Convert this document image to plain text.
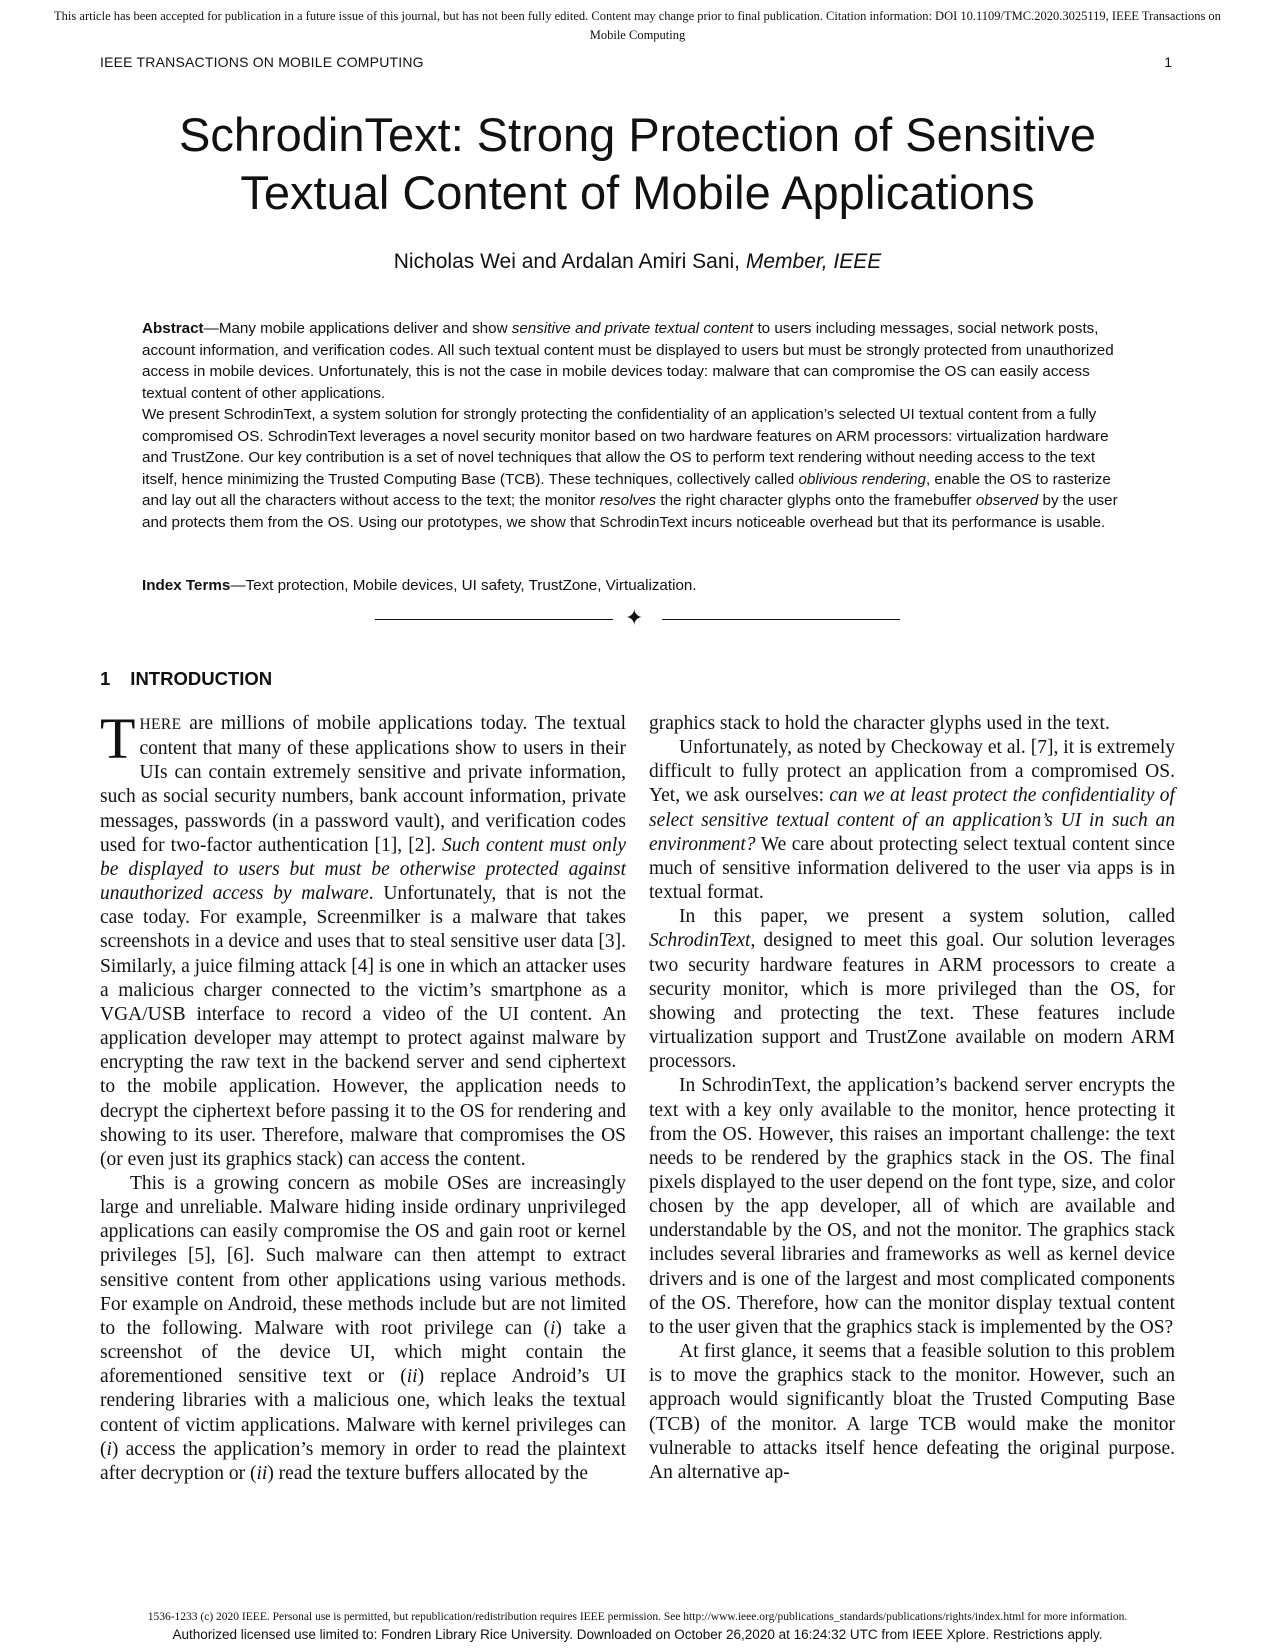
This article has been accepted for publication in a future issue of this journal, but has not been fully edited. Content may change prior to final publication. Citation information: DOI 10.1109/TMC.2020.3025119, IEEE Transactions on Mobile Computing
IEEE TRANSACTIONS ON MOBILE COMPUTING	1
SchrodinText: Strong Protection of Sensitive
Textual Content of Mobile Applications
Nicholas Wei and Ardalan Amiri Sani, Member, IEEE

Abstract—Many mobile applications deliver and show sensitive and private textual content to users including messages, social network posts, account information, and verification codes. All such textual content must be displayed to users but must be strongly protected from unauthorized access in mobile devices. Unfortunately, this is not the case in mobile devices today: malware that can compromise the OS can easily access textual content of other applications.

We present SchrodinText, a system solution for strongly protecting the confidentiality of an application’s selected UI textual content from a fully compromised OS. SchrodinText leverages a novel security monitor based on two hardware features on ARM processors: virtualization hardware and TrustZone. Our key contribution is a set of novel techniques that allow the OS to perform text rendering without needing access to the text itself, hence minimizing the Trusted Computing Base (TCB). These techniques, collectively called oblivious rendering, enable the OS to rasterize and lay out all the characters without access to the text; the monitor resolves the right character glyphs onto the framebuffer observed by the user and protects them from the OS. Using our prototypes, we show that SchrodinText incurs noticeable overhead but that its performance is usable.

Index Terms—Text protection, Mobile devices, UI safety, TrustZone, Virtualization.
✦
1 INTRODUCTION

THERE are millions of mobile applications today. The textual content that many of these applications show to users in their UIs can contain extremely sensitive and private information, such as social security numbers, bank account information, private messages, passwords (in a password vault), and verification codes used for two-factor authentication [1], [2]. Such content must only be displayed to users but must be otherwise protected against unauthorized access by malware. Unfortunately, that is not the case today. For example, Screenmilker is a malware that takes screenshots in a device and uses that to steal sensitive user data [3]. Similarly, a juice filming attack [4] is one in which an attacker uses a malicious charger connected to the victim’s smartphone as a VGA/USB interface to record a video of the UI content. An application developer may attempt to protect against malware by encrypting the raw text in the backend server and send ciphertext to the mobile application. However, the application needs to decrypt the ciphertext before passing it to the OS for rendering and showing to its user. Therefore, malware that compromises the OS (or even just its graphics stack) can access the content.

This is a growing concern as mobile OSes are increasingly large and unreliable. Malware hiding inside ordinary unprivileged applications can easily compromise the OS and gain root or kernel privileges [5], [6]. Such malware can then attempt to extract sensitive content from other applications using various methods. For example on Android, these methods include but are not limited to the following. Malware with root privilege can (i) take a screenshot of the device UI, which might contain the aforementioned sensitive text or (ii) replace Android’s UI rendering libraries with a malicious one, which leaks the textual content of victim applications. Malware with kernel privileges can (i) access the application’s memory in order to read the plaintext after decryption or (ii) read the texture buffers allocated by the

graphics stack to hold the character glyphs used in the text.

Unfortunately, as noted by Checkoway et al. [7], it is extremely difficult to fully protect an application from a compromised OS. Yet, we ask ourselves: can we at least protect the confidentiality of select sensitive textual content of an application’s UI in such an environment? We care about protecting select textual content since much of sensitive information delivered to the user via apps is in textual format.

In this paper, we present a system solution, called SchrodinText, designed to meet this goal. Our solution leverages two security hardware features in ARM processors to create a security monitor, which is more privileged than the OS, for showing and protecting the text. These features include virtualization support and TrustZone available on modern ARM processors.

In SchrodinText, the application’s backend server encrypts the text with a key only available to the monitor, hence protecting it from the OS. However, this raises an important challenge: the text needs to be rendered by the graphics stack in the OS. The final pixels displayed to the user depend on the font type, size, and color chosen by the app developer, all of which are available and understandable by the OS, and not the monitor. The graphics stack includes several libraries and frameworks as well as kernel device drivers and is one of the largest and most complicated components of the OS. Therefore, how can the monitor display textual content to the user given that the graphics stack is implemented by the OS?

At first glance, it seems that a feasible solution to this problem is to move the graphics stack to the monitor. However, such an approach would significantly bloat the Trusted Computing Base (TCB) of the monitor. A large TCB would make the monitor vulnerable to attacks itself hence defeating the original purpose. An alternative ap-

1536-1233 (c) 2020 IEEE. Personal use is permitted, but republication/redistribution requires IEEE permission. See http://www.ieee.org/publications_standards/publications/rights/index.html for more information.
Authorized licensed use limited to: Fondren Library Rice University. Downloaded on October 26,2020 at 16:24:32 UTC from IEEE Xplore. Restrictions apply.
